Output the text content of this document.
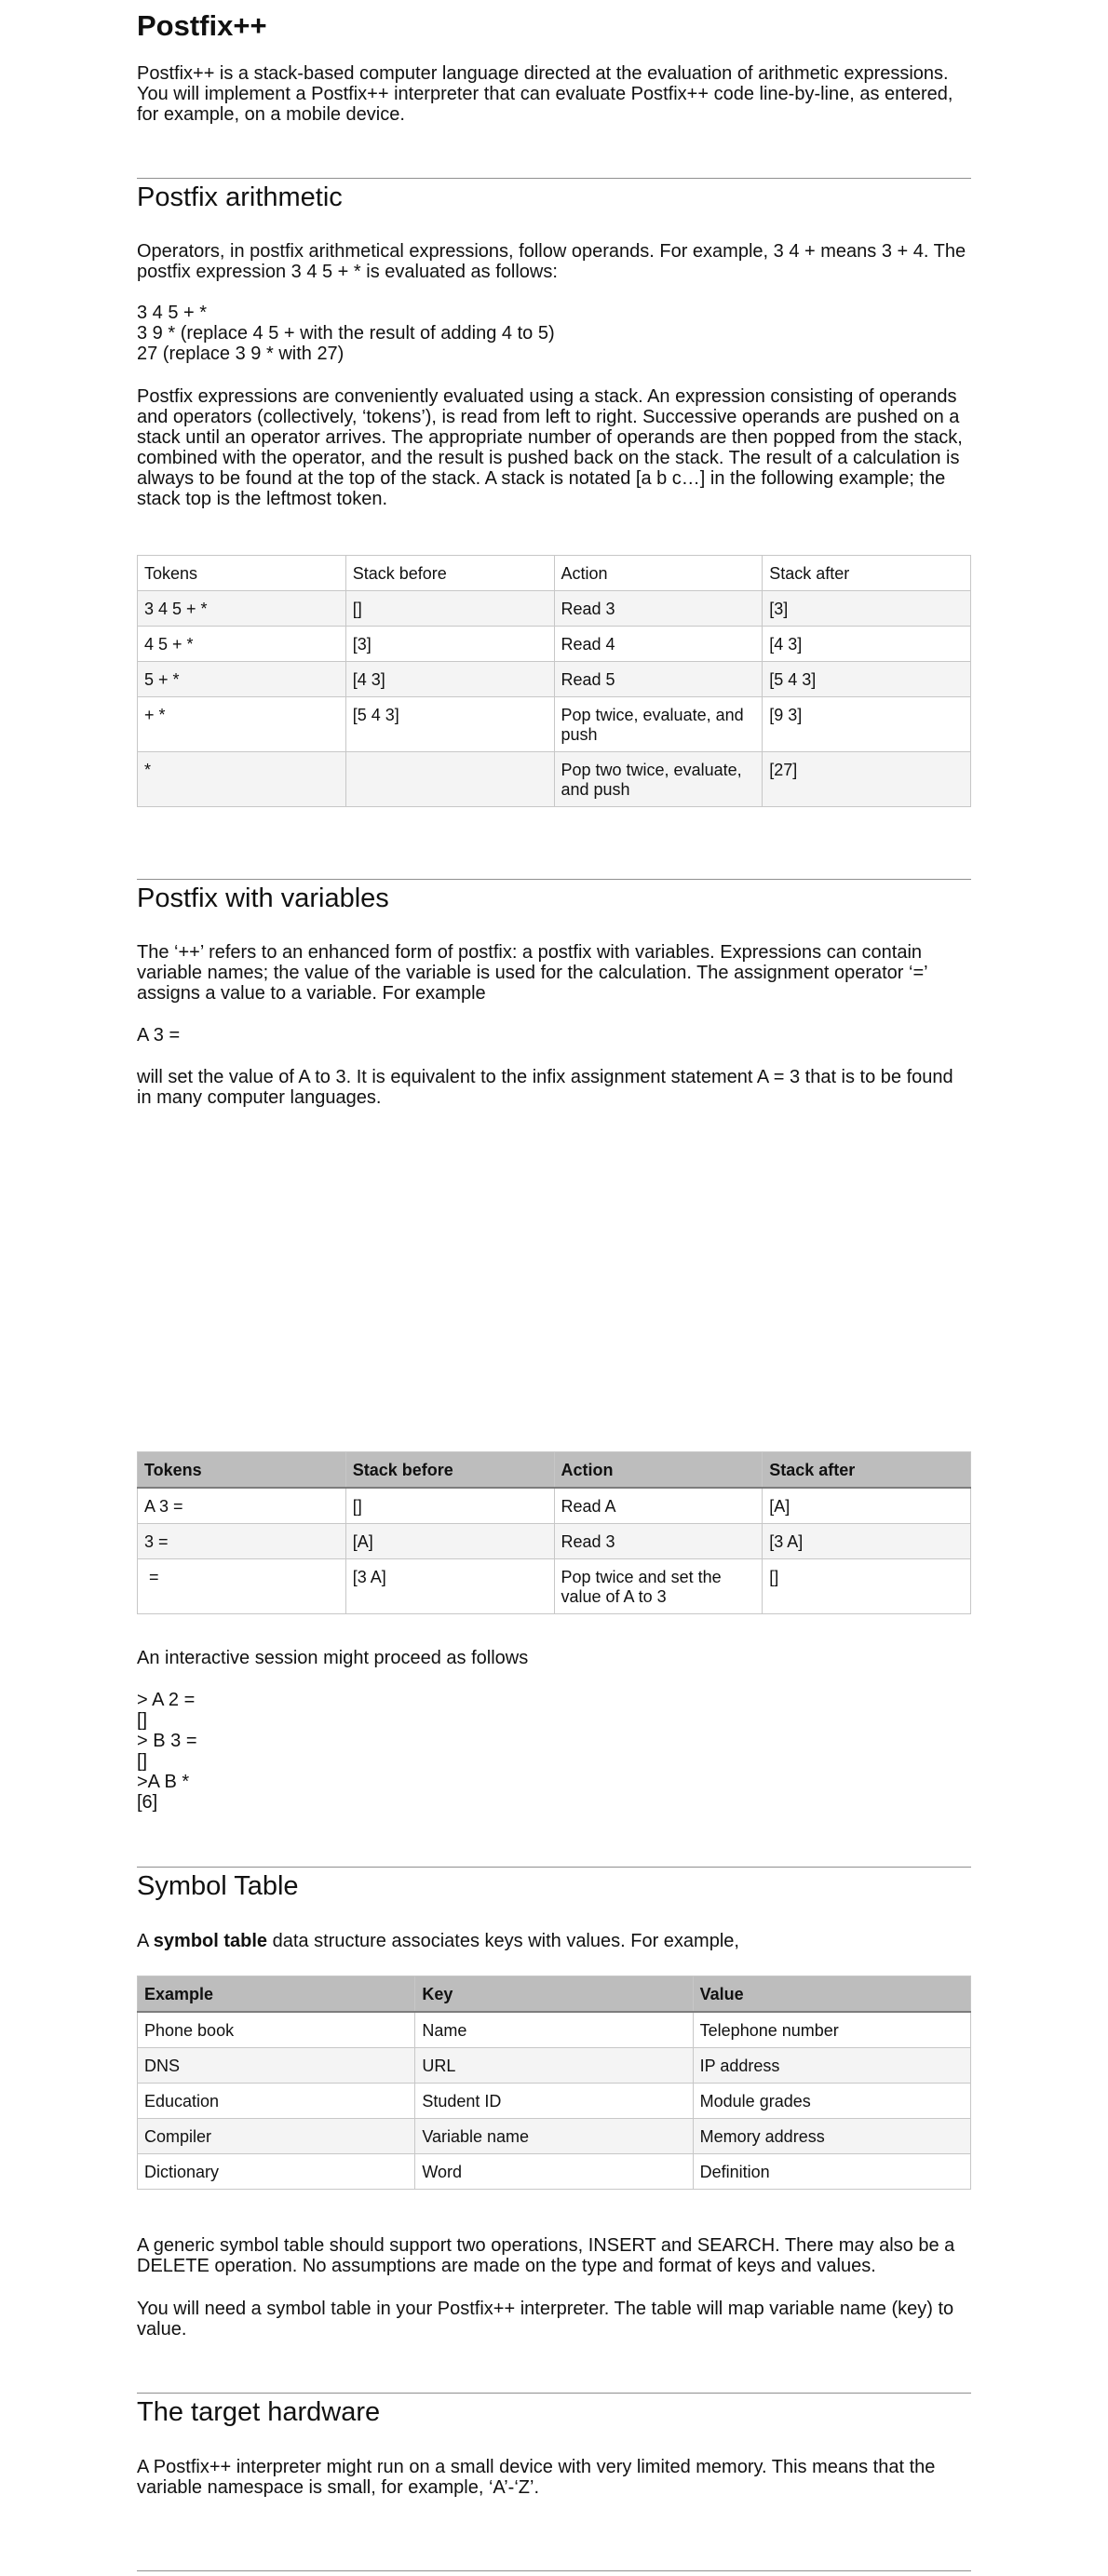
Postfix++

Postfix++ is a stack-based computer language directed at the evaluation of arithmetic expressions. You will implement a Postfix++ interpreter that can evaluate Postfix++ code line-by-line, as entered, for example, on a mobile device.

Postfix arithmetic

Operators, in postfix arithmetical expressions, follow operands. For example, 3 4 + means 3 + 4. The postfix expression 3 4 5 + * is evaluated as follows:

3 4 5 + *
3 9 * (replace 4 5 + with the result of adding 4 to 5)
27 (replace 3 9 * with 27)

Postfix expressions are conveniently evaluated using a stack. An expression consisting of operands and operators (collectively, ‘tokens’), is read from left to right. Successive operands are pushed on a stack until an operator arrives. The appropriate number of operands are then popped from the stack, combined with the operator, and the result is pushed back on the stack. The result of a calculation is always to be found at the top of the stack. A stack is notated [a b c…] in the following example; the stack top is the leftmost token.

Tokens	Stack before	Action	Stack after
3 4 5 + *	[]	Read 3	[3]
4 5 + *	[3]	Read 4	[4 3]
5 + *	[4 3]	Read 5	[5 4 3]
+ *	[5 4 3]	Pop twice, evaluate, and push	[9 3]
*		Pop two twice, evaluate, and push	[27]
Postfix with variables

The ‘++’ refers to an enhanced form of postfix: a postfix with variables. Expressions can contain variable names; the value of the variable is used for the calculation. The assignment operator ‘=’ assigns a value to a variable. For example

A 3 =

will set the value of A to 3. It is equivalent to the infix assignment statement A = 3 that is to be found in many computer languages.

Tokens	Stack before	Action	Stack after
A 3 =	[]	Read A	[A]
3 =	[A]	Read 3	[3 A]
=	[3 A]	Pop twice and set the value of A to 3	[]

An interactive session might proceed as follows

> A 2 =
[]
> B 3 =
[]
>A B *
[6]
Symbol Table

A symbol table data structure associates keys with values. For example,

Example	Key	Value
Phone book	Name	Telephone number
DNS	URL	IP address
Education	Student ID	Module grades
Compiler	Variable name	Memory address
Dictionary	Word	Definition

A generic symbol table should support two operations, INSERT and SEARCH. There may also be a DELETE operation. No assumptions are made on the type and format of keys and values.

You will need a symbol table in your Postfix++ interpreter. The table will map variable name (key) to value.

The target hardware

A Postfix++ interpreter might run on a small device with very limited memory. This means that the variable namespace is small, for example, ‘A’-‘Z’.
